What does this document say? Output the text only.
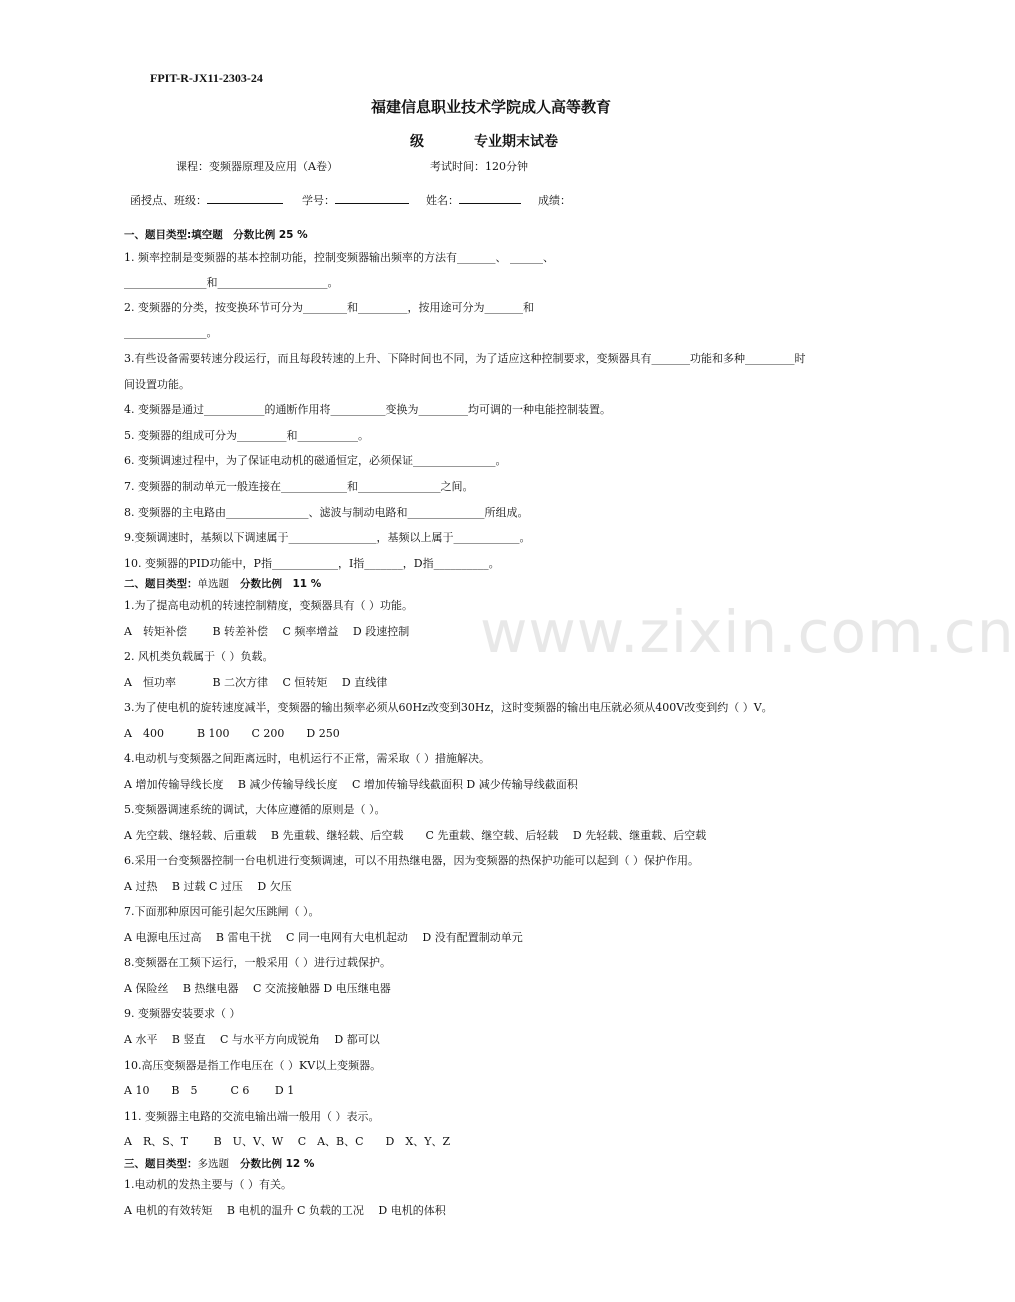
FPIT-R-JX11-2303-24
福建信息职业技术学院成人高等教育
级	专业期末试卷
课程：变频器原理及应用（A卷）	考试时间：120分钟
函授点、班级：	学号：	姓名：	成绩：
一、题目类型:填空题　分数比例 25 %
1. 频率控制是变频器的基本控制功能，控制变频器输出频率的方法有_______、 ______、
_______________和____________________。
2. 变频器的分类，按变换环节可分为________和_________，按用途可分为_______和
_______________。
3.有些设备需要转速分段运行，而且每段转速的上升、下降时间也不同，为了适应这种控制要求，变频器具有_______功能和多种_________时
间设置功能。
4. 变频器是通过___________的通断作用将__________变换为_________均可调的一种电能控制装置。
5. 变频器的组成可分为_________和___________。
6. 变频调速过程中，为了保证电动机的磁通恒定，必须保证_______________。
7. 变频器的制动单元一般连接在____________和_______________之间。
8. 变频器的主电路由_______________、滤波与制动电路和______________所组成。
9.变频调速时，基频以下调速属于________________，基频以上属于____________。
10. 变频器的PID功能中，P指____________，I指_______，D指__________。
二、题目类型：单选题 分数比例　11 %
1.为了提高电动机的转速控制精度，变频器具有（ ）功能。
A　转矩补偿　　 B 转差补偿　 C 频率增益　 D 段速控制
2. 风机类负载属于（ ）负载。
A　恒功率　　　 B 二次方律　 C 恒转矩　 D 直线律
3.为了使电机的旋转速度减半，变频器的输出频率必须从60Hz改变到30Hz，这时变频器的输出电压就必须从400V改变到约（ ）V。
A　400　　　B 100　　C 200　　D 250
4.电动机与变频器之间距离远时，电机运行不正常，需采取（ ）措施解决。
A 增加传输导线长度　 B 减少传输导线长度　 C 增加传输导线截面积 D 减少传输导线截面积
5.变频器调速系统的调试，大体应遵循的原则是（ ）。
A 先空载、继轻载、后重载　 B 先重载、继轻载、后空载　　C 先重载、继空载、后轻载　 D 先轻载、继重载、后空载
6.采用一台变频器控制一台电机进行变频调速，可以不用热继电器，因为变频器的热保护功能可以起到（ ）保护作用。
A 过热　 B 过载 C 过压　 D 欠压
7.下面那种原因可能引起欠压跳闸（ ）。
A 电源电压过高　 B 雷电干扰　 C 同一电网有大电机起动　 D 没有配置制动单元
8.变频器在工频下运行，一般采用（ ）进行过载保护。
A 保险丝　 B 热继电器　 C 交流接触器 D 电压继电器
9. 变频器安装要求（ ）
A 水平　 B 竖直　 C 与水平方向成锐角　 D 都可以
10.高压变频器是指工作电压在（ ）KV以上变频器。
A 10　　B　5　　　C 6　　 D 1
11. 变频器主电路的交流电输出端一般用（ ）表示。
A　R、S、T　　 B　U、V、W　 C　A、B、C　　D　X、Y、Z
三、题目类型：多选题 分数比例 12 %
1.电动机的发热主要与（ ）有关。
A 电机的有效转矩　 B 电机的温升 C 负载的工况　 D 电机的体积
www.zixin.com.cn
